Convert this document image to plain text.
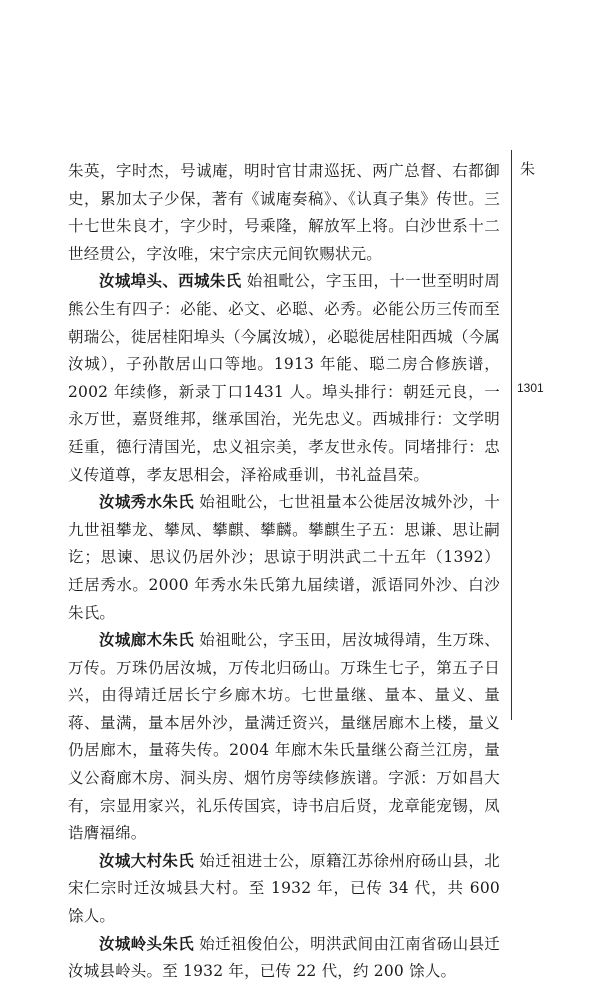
朱英，字时杰，号诚庵，明时官甘肃巡抚、两广总督、右都御史，累加太子少保，著有《诚庵奏稿》、《认真子集》传世。三十七世朱良才，字少时，号乘隆，解放军上将。白沙世系十二世经贯公，字汝唯，宋宁宗庆元间钦赐状元。

汝城埠头、西城朱氏 始祖毗公，字玉田，十一世至明时周熊公生有四子：必能、必文、必聪、必秀。必能公历三传而至朝瑞公，徙居桂阳埠头（今属汝城），必聪徙居桂阳西城（今属汝城），子孙散居山口等地。1913 年能、聪二房合修族谱，2002 年续修，新录丁口1431 人。埠头排行：朝廷元良，一永万世，嘉贤维邦，继承国治，光先忠义。西城排行：文学明廷重，德行清国光，忠义祖宗美，孝友世永传。同堵排行：忠义传道尊，孝友思相会，泽裕咸垂训，书礼益昌荣。

汝城秀水朱氏 始祖毗公，七世祖量本公徙居汝城外沙，十九世祖攀龙、攀凤、攀麒、攀麟。攀麒生子五：思谦、思让嗣讫；思谏、思议仍居外沙；思谅于明洪武二十五年（1392）迁居秀水。2000 年秀水朱氏第九届续谱，派语同外沙、白沙朱氏。

汝城廊木朱氏 始祖毗公，字玉田，居汝城得靖，生万珠、万传。万珠仍居汝城，万传北归砀山。万珠生七子，第五子日兴，由得靖迁居长宁乡廊木坊。七世量继、量本、量义、量蒋、量满，量本居外沙，量满迁资兴，量继居廊木上楼，量义仍居廊木，量蒋失传。2004 年廊木朱氏量继公裔兰江房，量义公裔廊木房、洞头房、烟竹房等续修族谱。字派：万如昌大有，宗显用家兴，礼乐传国宾，诗书启后贤，龙章能宠锡，凤诰膺福绵。

汝城大村朱氏 始迁祖进士公，原籍江苏徐州府砀山县，北宋仁宗时迁汝城县大村。至 1932 年，已传 34 代，共 600 馀人。

汝城岭头朱氏 始迁祖俊伯公，明洪武间由江南省砀山县迁汝城县岭头。至 1932 年，已传 22 代，约 200 馀人。

朱
1301
